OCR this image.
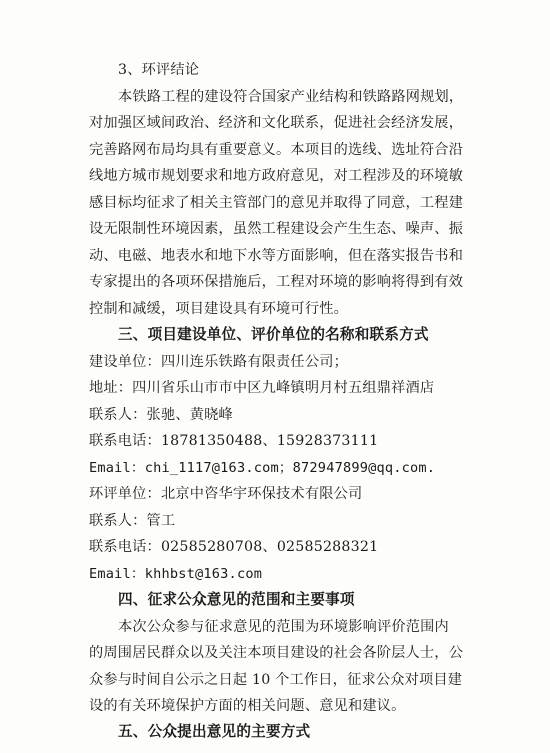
3、环评结论
本铁路工程的建设符合国家产业结构和铁路路网规划，
对加强区域间政治、经济和文化联系，促进社会经济发展，
完善路网布局均具有重要意义。本项目的选线、选址符合沿
线地方城市规划要求和地方政府意见，对工程涉及的环境敏
感目标均征求了相关主管部门的意见并取得了同意，工程建
设无限制性环境因素，虽然工程建设会产生生态、噪声、振
动、电磁、地表水和地下水等方面影响，但在落实报告书和
专家提出的各项环保措施后，工程对环境的影响将得到有效
控制和减缓，项目建设具有环境可行性。
三、项目建设单位、评价单位的名称和联系方式
建设单位：四川连乐铁路有限责任公司；
地址：四川省乐山市市中区九峰镇明月村五组鼎祥酒店
联系人：张驰、黄晓峰
联系电话：18781350488、15928373111
Email：chi_1117@163.com；872947899@qq.com.
环评单位：北京中咨华宇环保技术有限公司
联系人：管工
联系电话：02585280708、02585288321
Email：khhbst@163.com
四、征求公众意见的范围和主要事项
本次公众参与征求意见的范围为环境影响评价范围内
的周围居民群众以及关注本项目建设的社会各阶层人士，公
众参与时间自公示之日起 10 个工作日，征求公众对项目建
设的有关环境保护方面的相关问题、意见和建议。
五、公众提出意见的主要方式
